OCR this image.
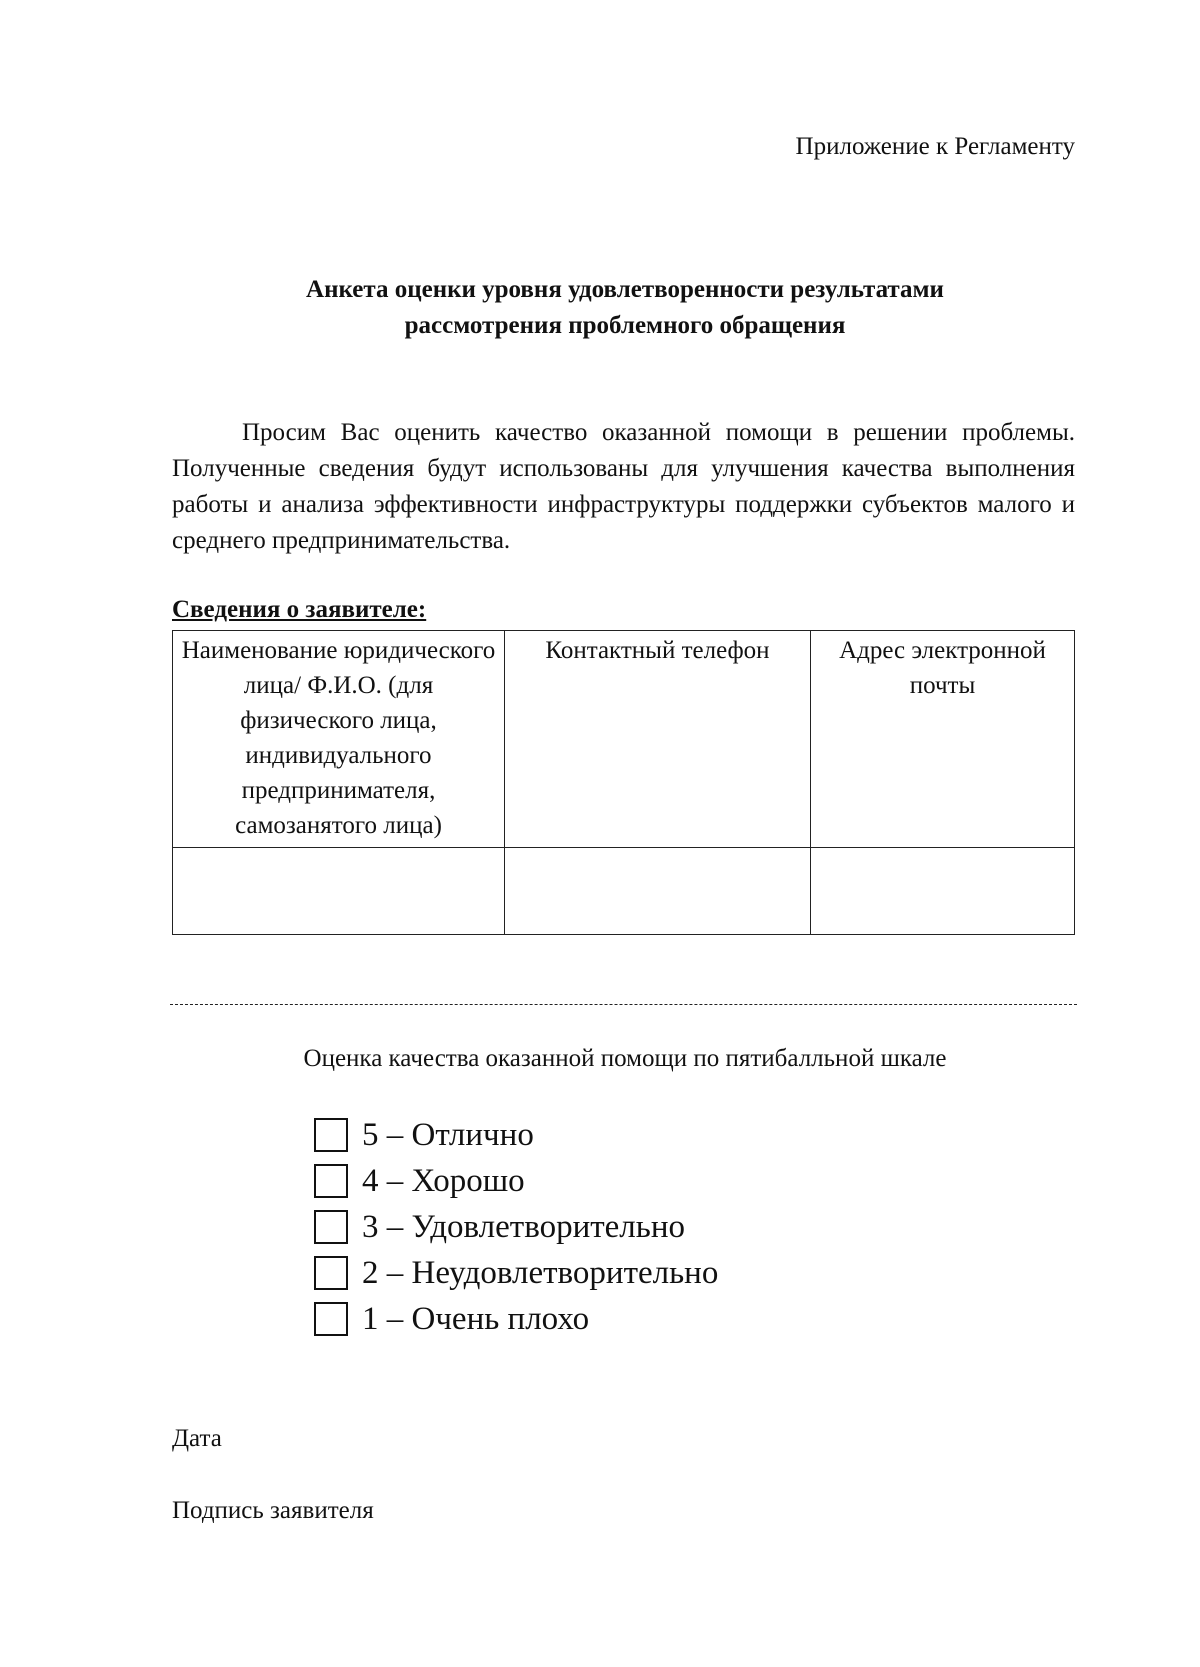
Приложение к Регламенту
Анкета оценки уровня удовлетворенности результатами
рассмотрения проблемного обращения

Просим Вас оценить качество оказанной помощи в решении проблемы. Полученные сведения будут использованы для улучшения качества выполнения работы и анализа эффективности инфраструктуры поддержки субъектов малого и среднего предпринимательства.

Сведения о заявителе:
Наименование юридического лица/ Ф.И.О. (для физического лица, индивидуального предпринимателя, самозанятого лица)	Контактный телефон	Адрес электронной почты

Оценка качества оказанной помощи по пятибалльной шкале
5 – Отлично
4 – Хорошо
3 – Удовлетворительно
2 – Неудовлетворительно
1 – Очень плохо
Дата
Подпись заявителя
